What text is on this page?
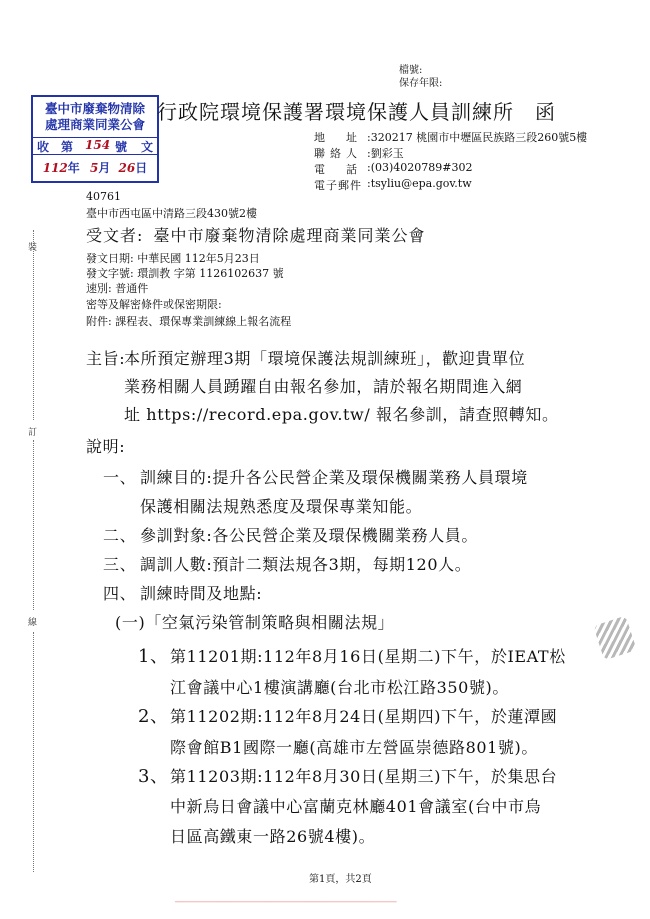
檔號:
保存年限:
臺中市廢棄物清除
處理商業同業公會
收 第 154 號 文
112年 5月 26日
行政院環境保護署環境保護人員訓練所　函
地　址 :320217 桃園市中壢區民族路三段260號5樓
聯絡人 :劉彩玉
電　話 :(03)4020789#302
電子郵件 :tsyliu@epa.gov.tw
40761
臺中市西屯區中清路三段430號2樓
受文者: 臺中市廢棄物清除處理商業同業公會
發文日期: 中華民國 112年5月23日
發文字號: 環訓教 字第 1126102637 號
速別: 普通件
密等及解密條件或保密期限:
附件: 課程表、環保專業訓練線上報名流程
裝
訂
線
主旨:
本所預定辦理3期「環境保護法規訓練班」，歡迎貴單位
業務相關人員踴躍自由報名參加，請於報名期間進入網
址 https://record.epa.gov.tw/ 報名參訓，請查照轉知。
說明:
一、 訓練目的:提升各公民營企業及環保機關業務人員環境
保護相關法規熟悉度及環保專業知能。
二、 參訓對象:各公民營企業及環保機關業務人員。
三、 調訓人數:預計二類法規各3期，每期120人。
四、 訓練時間及地點:
(一)「空氣污染管制策略與相關法規」
1、 第11201期:112年8月16日(星期二)下午，於IEAT松
江會議中心1樓演講廳(台北市松江路350號)。
2、 第11202期:112年8月24日(星期四)下午，於蓮潭國
際會館B1國際一廳(高雄市左營區崇德路801號)。
3、 第11203期:112年8月30日(星期三)下午，於集思台
中新烏日會議中心富蘭克林廳401會議室(台中市烏
日區高鐵東一路26號4樓)。
第1頁，共2頁
▁▁▁▁▁▁▁▁▁▁▁▁▁▁▁▁▁▁▁▁▁▁▁▁▁▁▁▁▁▁▁▁
